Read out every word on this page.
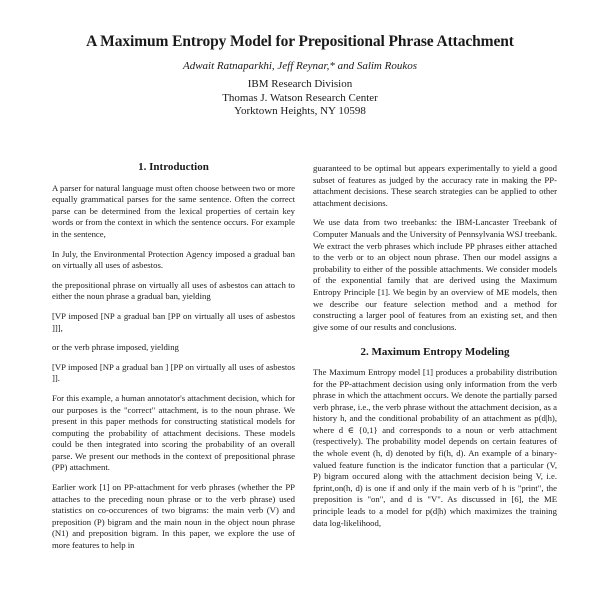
A Maximum Entropy Model for Prepositional Phrase Attachment
Adwait Ratnaparkhi, Jeff Reynar,* and Salim Roukos
IBM Research Division
Thomas J. Watson Research Center
Yorktown Heights, NY 10598
1. Introduction

A parser for natural language must often choose between two or more equally grammatical parses for the same sentence. Often the correct parse can be determined from the lexical properties of certain key words or from the context in which the sentence occurs. For example in the sentence,

In July, the Environmental Protection Agency imposed a gradual ban on virtually all uses of asbestos.

the prepositional phrase on virtually all uses of asbestos can attach to either the noun phrase a gradual ban, yielding

[VP imposed [NP a gradual ban [PP on virtually all uses of asbestos ]]],

or the verb phrase imposed, yielding

[VP imposed [NP a gradual ban ] [PP on virtually all uses of asbestos ]].

For this example, a human annotator's attachment decision, which for our purposes is the "correct" attachment, is to the noun phrase. We present in this paper methods for constructing statistical models for computing the probability of attachment decisions. These models could be then integrated into scoring the probability of an overall parse. We present our methods in the context of prepositional phrase (PP) attachment.

Earlier work [1] on PP-attachment for verb phrases (whether the PP attaches to the preceding noun phrase or to the verb phrase) used statistics on co-occurences of two bigrams: the main verb (V) and preposition (P) bigram and the main noun in the object noun phrase (N1) and preposition bigram. In this paper, we explore the use of more features to help in

guaranteed to be optimal but appears experimentally to yield a good subset of features as judged by the accuracy rate in making the PP-attachment decisions. These search strategies can be applied to other attachment decisions.

We use data from two treebanks: the IBM-Lancaster Treebank of Computer Manuals and the University of Pennsylvania WSJ treebank. We extract the verb phrases which include PP phrases either attached to the verb or to an object noun phrase. Then our model assigns a probability to either of the possible attachments. We consider models of the exponential family that are derived using the Maximum Entropy Principle [1]. We begin by an overview of ME models, then we describe our feature selection method and a method for constructing a larger pool of features from an existing set, and then give some of our results and conclusions.

2. Maximum Entropy Modeling

The Maximum Entropy model [1] produces a probability distribution for the PP-attachment decision using only information from the verb phrase in which the attachment occurs. We denote the partially parsed verb phrase, i.e., the verb phrase without the attachment decision, as a history h, and the conditional probability of an attachment as p(d|h), where d ∈ {0,1} and corresponds to a noun or verb attachment (respectively). The probability model depends on certain features of the whole event (h, d) denoted by fi(h, d). An example of a binary-valued feature function is the indicator function that a particular (V, P) bigram occured along with the attachment decision being V, i.e. fprint,on(h, d) is one if and only if the main verb of h is "print", the preposition is "on", and d is "V". As discussed in [6], the ME principle leads to a model for p(d|h) which maximizes the training data log-likelihood,
